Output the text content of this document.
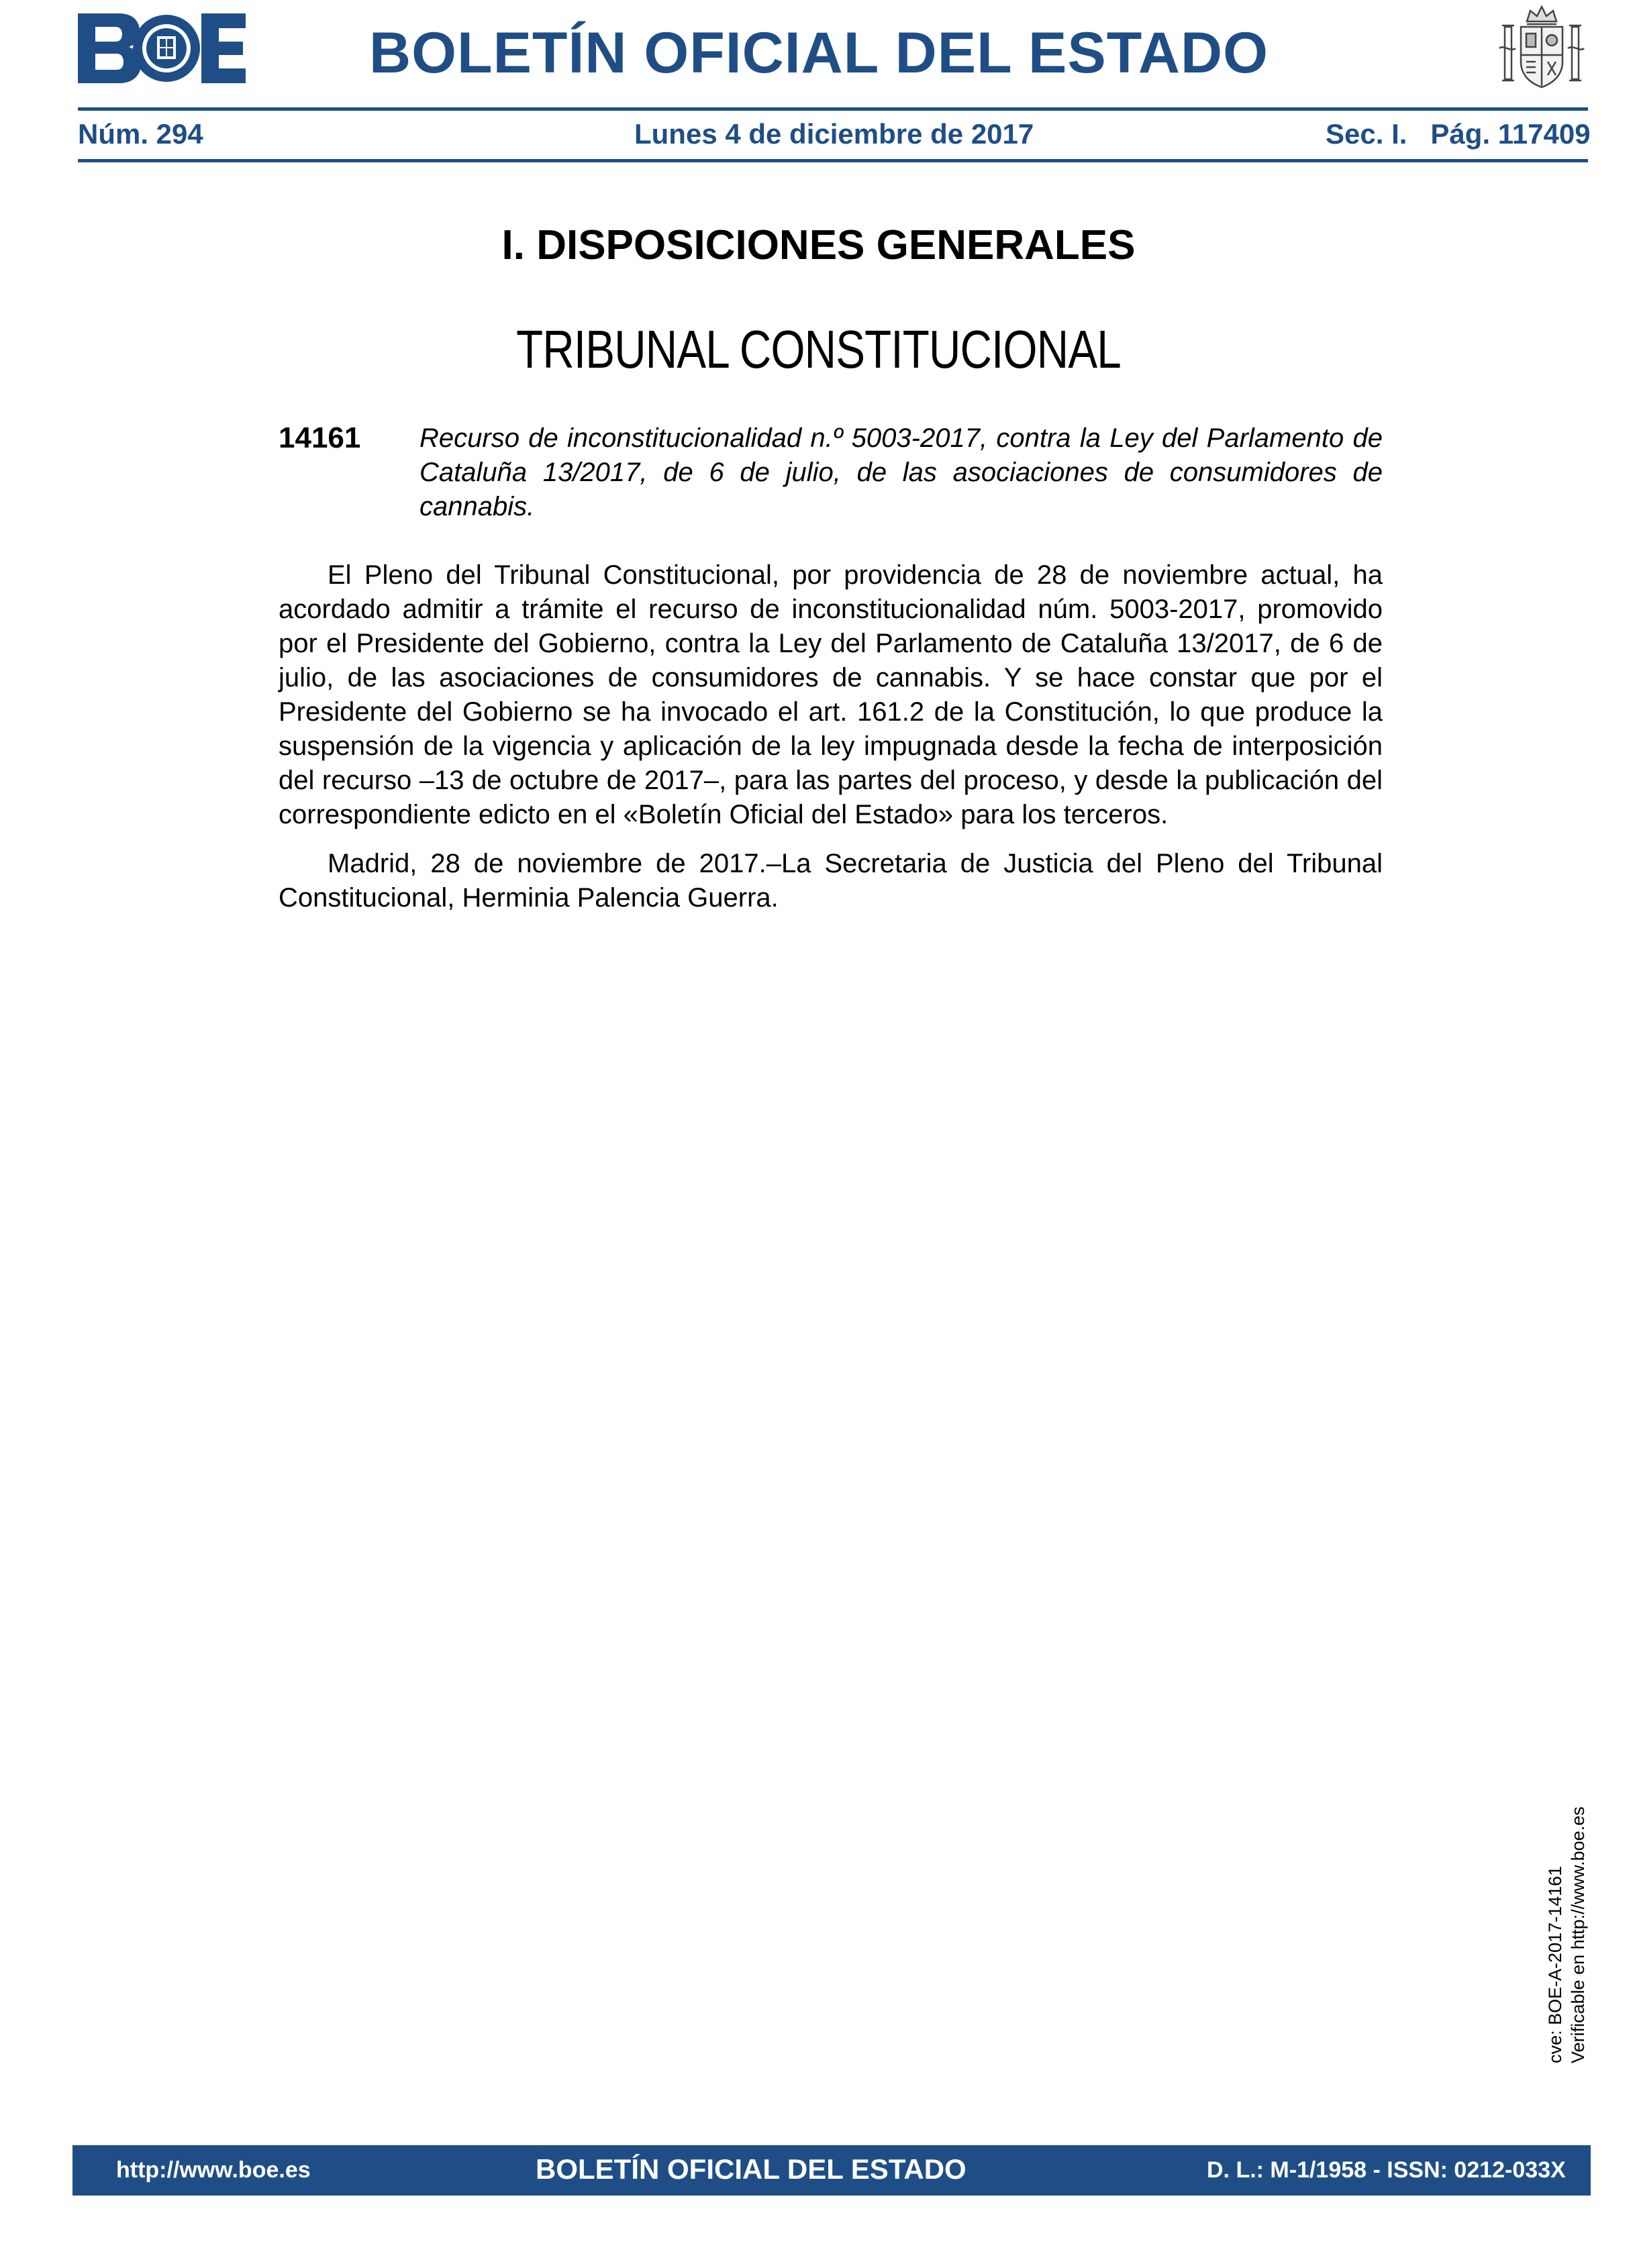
BOLETÍN OFICIAL DEL ESTADO
Núm. 294	Lunes 4 de diciembre de 2017	Sec. I.   Pág. 117409
I. DISPOSICIONES GENERALES
TRIBUNAL CONSTITUCIONAL
14161 Recurso de inconstitucionalidad n.º 5003-2017, contra la Ley del Parlamento de Cataluña 13/2017, de 6 de julio, de las asociaciones de consumidores de cannabis.
El Pleno del Tribunal Constitucional, por providencia de 28 de noviembre actual, ha acordado admitir a trámite el recurso de inconstitucionalidad núm. 5003-2017, promovido por el Presidente del Gobierno, contra la Ley del Parlamento de Cataluña 13/2017, de 6 de julio, de las asociaciones de consumidores de cannabis. Y se hace constar que por el Presidente del Gobierno se ha invocado el art. 161.2 de la Constitución, lo que produce la suspensión de la vigencia y aplicación de la ley impugnada desde la fecha de interposición del recurso –13 de octubre de 2017–, para las partes del proceso, y desde la publicación del correspondiente edicto en el «Boletín Oficial del Estado» para los terceros.
Madrid, 28 de noviembre de 2017.–La Secretaria de Justicia del Pleno del Tribunal Constitucional, Herminia Palencia Guerra.
cve: BOE-A-2017-14161 Verificable en http://www.boe.es
http://www.boe.es	BOLETÍN OFICIAL DEL ESTADO	D. L.: M-1/1958 - ISSN: 0212-033X
